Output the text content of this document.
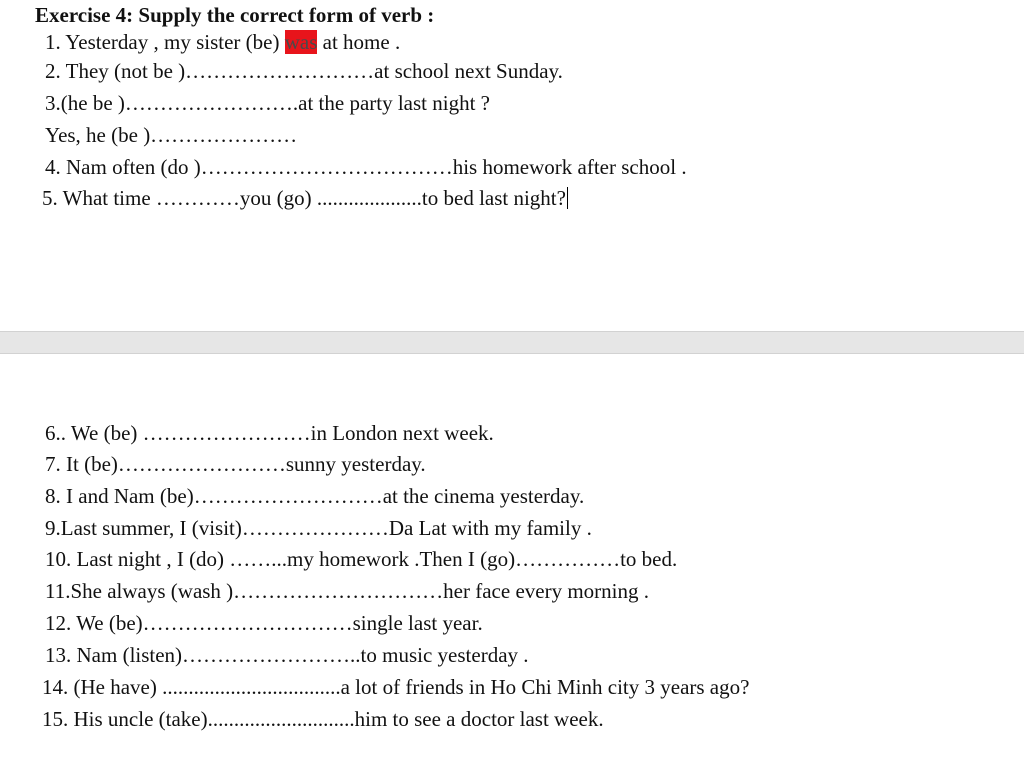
Exercise 4: Supply the correct form of verb :
1. Yesterday , my sister (be) was at home .
2. They (not be )………………………at school next Sunday.
3.(he be )…………………….at the party last night ?
Yes, he (be )…………………
4. Nam often (do )………………………………his homework after school .
5. What time …………you (go) ....................to bed last night?
6.. We (be) ……………………in London next week.
7. It (be)……………………sunny yesterday.
8. I and Nam (be)………………………at the cinema yesterday.
9.Last summer, I (visit)…………………Da Lat with my family .
10. Last night , I (do) ……...my homework .Then I (go)……………to bed.
11.She always (wash )…………………………her face every morning .
12. We (be)…………………………single last year.
13. Nam (listen)……………………..to music yesterday .
14. (He have) ..................................a lot of friends in Ho Chi Minh city 3 years ago?
15. His uncle (take)............................him to see a doctor last week.
